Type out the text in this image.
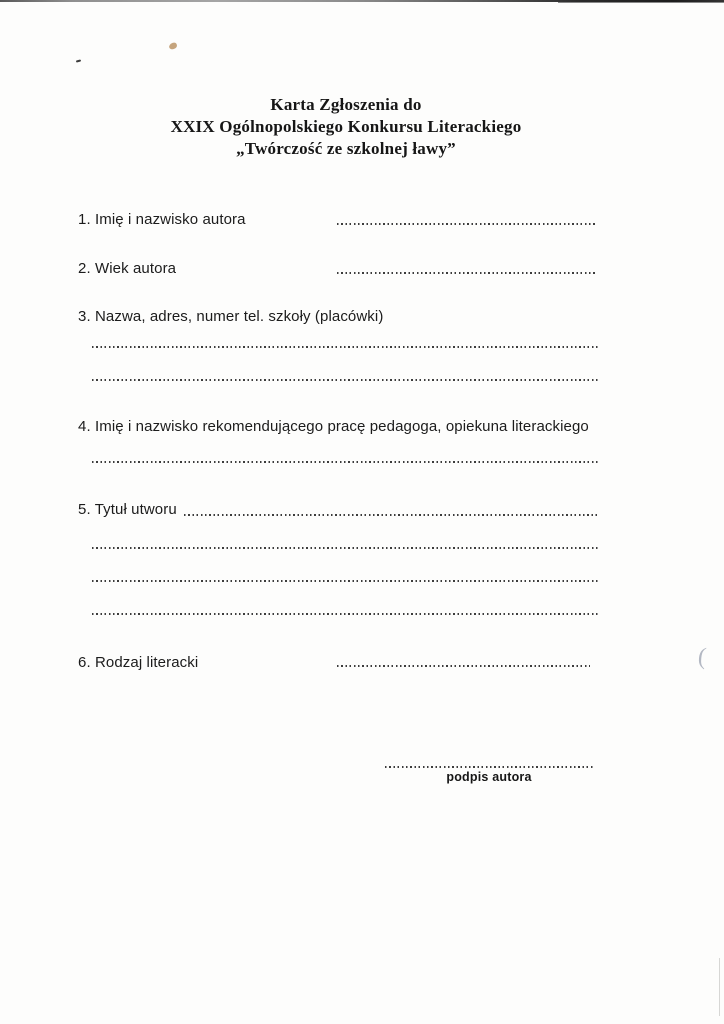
(
Karta Zgłoszenia do
XXIX Ogólnopolskiego Konkursu Literackiego
„Twórczość ze szkolnej ławy”
1. Imię i nazwisko autora
2. Wiek autora
3. Nazwa, adres, numer tel. szkoły (placówki)
4. Imię i nazwisko rekomendującego pracę pedagoga, opiekuna literackiego
5. Tytuł utworu
6. Rodzaj literacki
podpis autora
